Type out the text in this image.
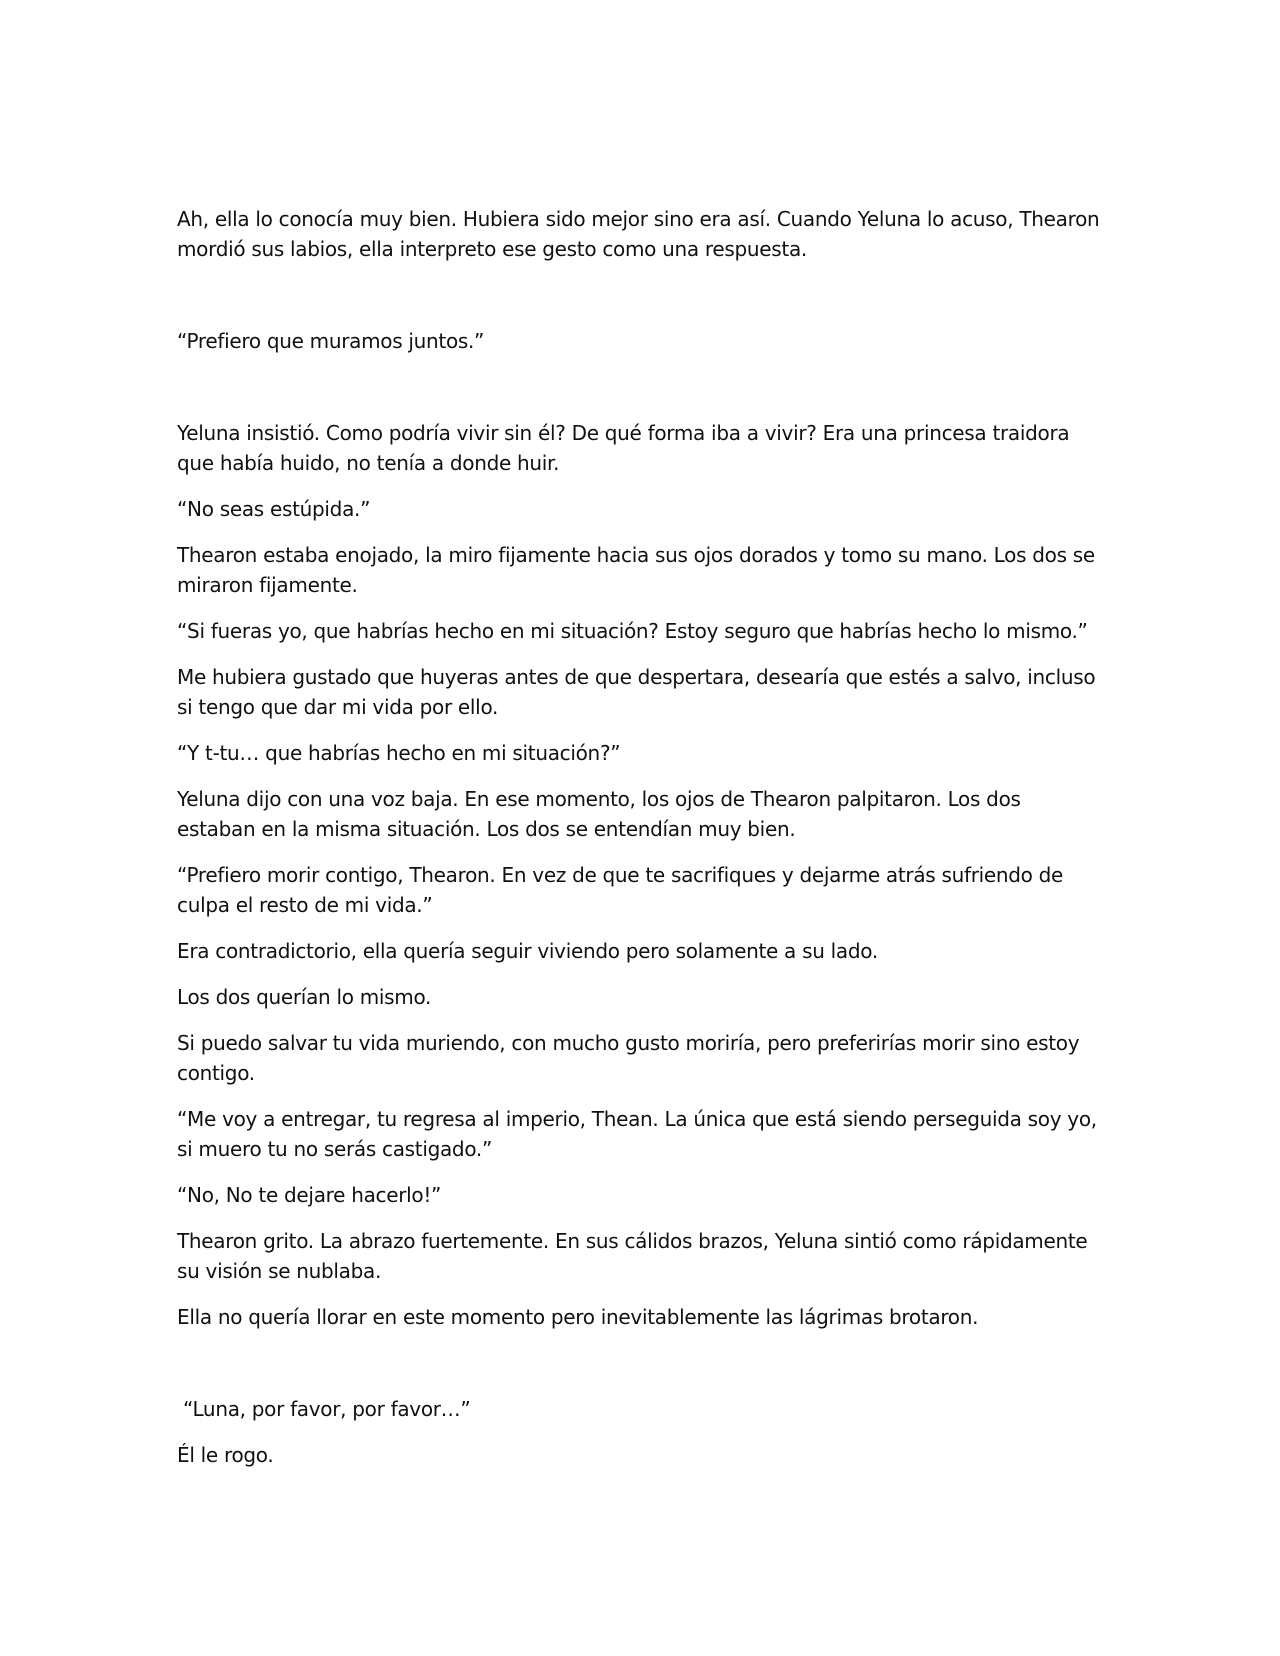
Ah, ella lo conocía muy bien. Hubiera sido mejor sino era así. Cuando Yeluna lo acuso, Thearon mordió sus labios, ella interpreto ese gesto como una respuesta.

“Prefiero que muramos juntos.”

Yeluna insistió. Como podría vivir sin él? De qué forma iba a vivir? Era una princesa traidora que había huido, no tenía a donde huir.

“No seas estúpida.”

Thearon estaba enojado, la miro fijamente hacia sus ojos dorados y tomo su mano. Los dos se miraron fijamente.

“Si fueras yo, que habrías hecho en mi situación? Estoy seguro que habrías hecho lo mismo.”

Me hubiera gustado que huyeras antes de que despertara, desearía que estés a salvo, incluso si tengo que dar mi vida por ello.

“Y t-tu… que habrías hecho en mi situación?”

Yeluna dijo con una voz baja. En ese momento, los ojos de Thearon palpitaron. Los dos estaban en la misma situación. Los dos se entendían muy bien.

“Prefiero morir contigo, Thearon. En vez de que te sacrifiques y dejarme atrás sufriendo de culpa el resto de mi vida.”

Era contradictorio, ella quería seguir viviendo pero solamente a su lado.

Los dos querían lo mismo.

Si puedo salvar tu vida muriendo, con mucho gusto moriría, pero preferirías morir sino estoy contigo.

“Me voy a entregar, tu regresa al imperio, Thean. La única que está siendo perseguida soy yo, si muero tu no serás castigado.”

“No, No te dejare hacerlo!”

Thearon grito. La abrazo fuertemente. En sus cálidos brazos, Yeluna sintió como rápidamente su visión se nublaba.

Ella no quería llorar en este momento pero inevitablemente las lágrimas brotaron.

“Luna, por favor, por favor…”

Él le rogo.
